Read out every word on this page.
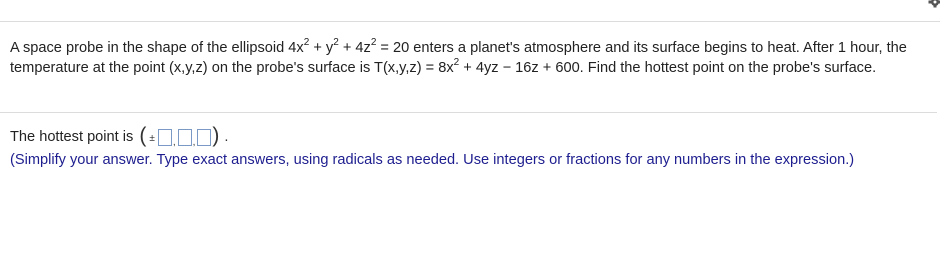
A space probe in the shape of the ellipsoid $4x^2 + y^2 + 4z^2 = 20$ enters a planet's atmosphere and its surface begins to heat. After 1 hour, the temperature at the point (x,y,z) on the probe's surface is $T(x,y,z) = 8x^2 + 4yz - 16z + 600$. Find the hottest point on the probe's surface.
The hottest point is ( ± , , ) .
(Simplify your answer. Type exact answers, using radicals as needed. Use integers or fractions for any numbers in the expression.)
